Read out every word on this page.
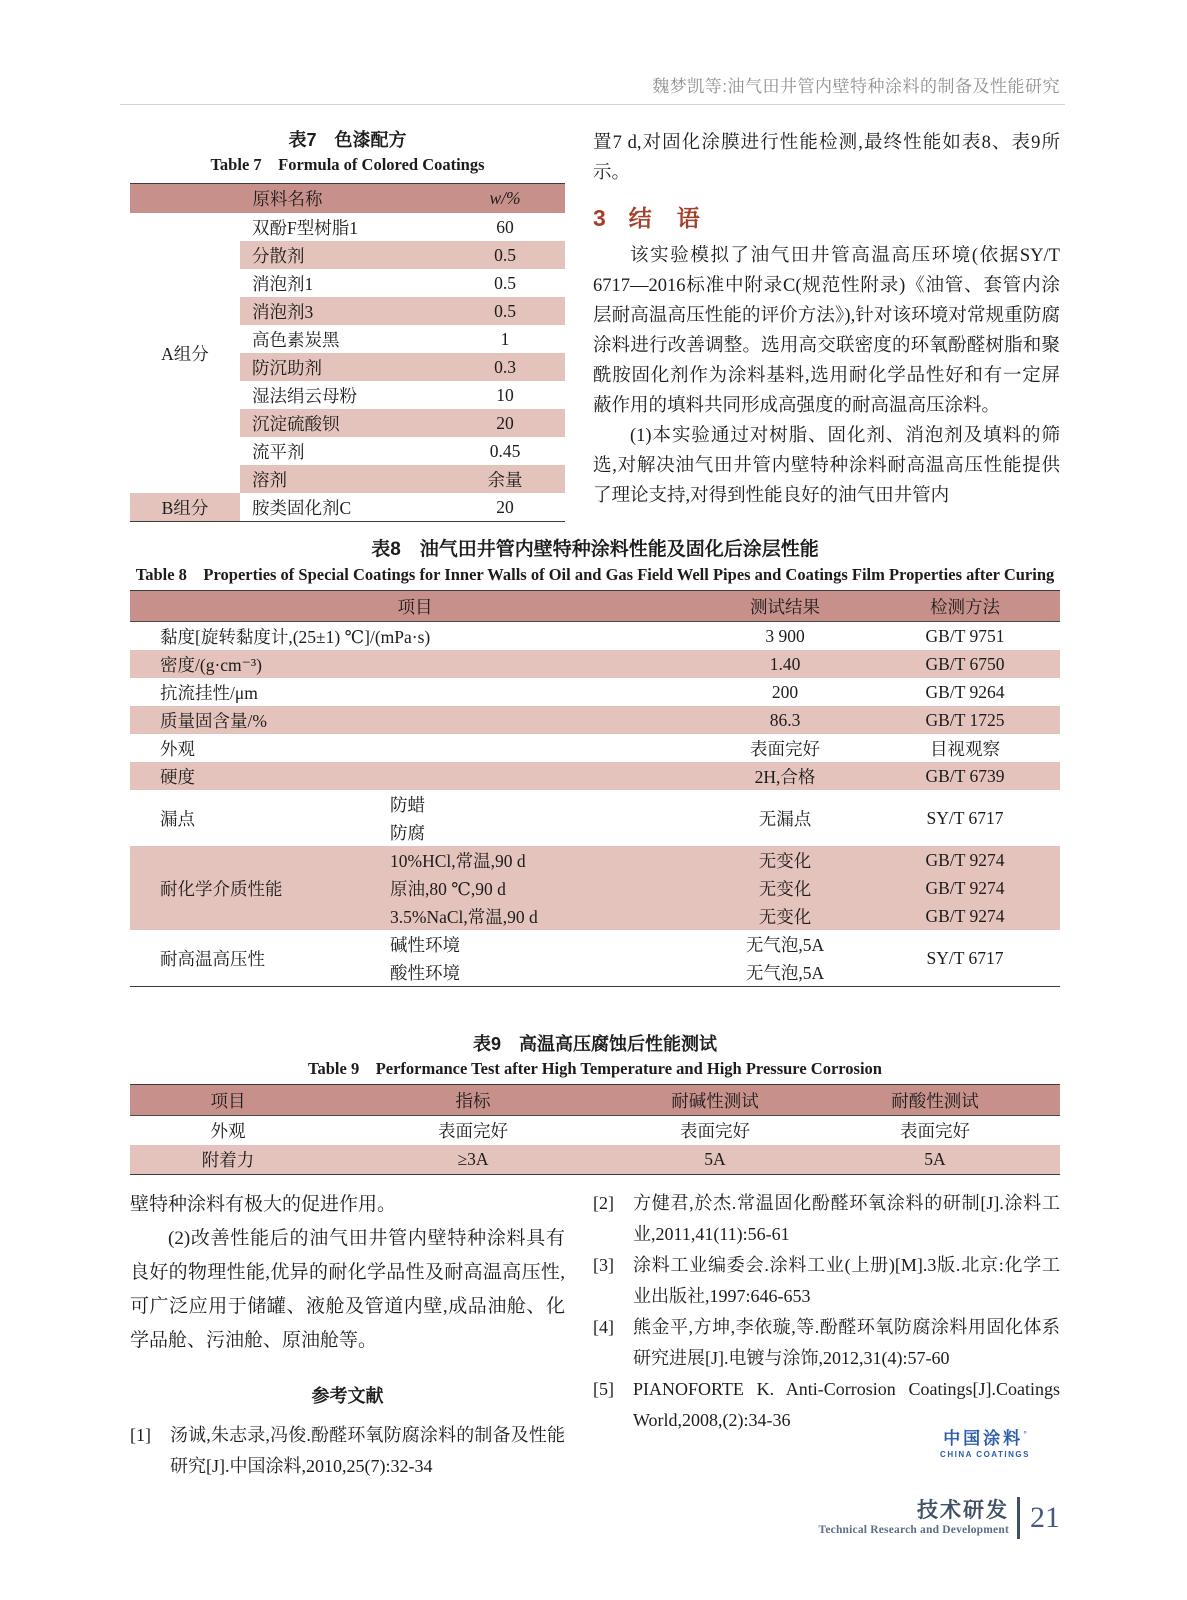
魏梦凯等:油气田井管内壁特种涂料的制备及性能研究
表7　色漆配方
Table 7　Formula of Colored Coatings
原料名称		w/%
A组分	双酚F型树脂1	60
	分散剂	0.5
	消泡剂1	0.5
	消泡剂3	0.5
	高色素炭黑	1
	防沉助剂	0.3
	湿法绢云母粉	10
	沉淀硫酸钡	20
	流平剂	0.45
	溶剂	余量
B组分	胺类固化剂C	20

置7 d,对固化涂膜进行性能检测,最终性能如表8、表9所示。

3 结　语

该实验模拟了油气田井管高温高压环境(依据SY/T 6717—2016标准中附录C(规范性附录)《油管、套管内涂层耐高温高压性能的评价方法》),针对该环境对常规重防腐涂料进行改善调整。选用高交联密度的环氧酚醛树脂和聚酰胺固化剂作为涂料基料,选用耐化学品性好和有一定屏蔽作用的填料共同形成高强度的耐高温高压涂料。

(1)本实验通过对树脂、固化剂、消泡剂及填料的筛选,对解决油气田井管内壁特种涂料耐高温高压性能提供了理论支持,对得到性能良好的油气田井管内

表8　油气田井管内壁特种涂料性能及固化后涂层性能
Table 8　Properties of Special Coatings for Inner Walls of Oil and Gas Field Well Pipes and Coatings Film Properties after Curing
项目		测试结果	检测方法
黏度[旋转黏度计,(25±1) ℃]/(mPa·s)		3 900	GB/T 9751
密度/(g·cm⁻³)		1.40	GB/T 6750
抗流挂性/μm		200	GB/T 9264
质量固含量/%		86.3	GB/T 1725
外观		表面完好	目视观察
硬度		2H,合格	GB/T 6739
漏点	防蜡	无漏点	SY/T 6717
	防腐		
耐化学介质性能	10%HCl,常温,90 d	无变化	GB/T 9274
	原油,80 ℃,90 d	无变化	GB/T 9274
	3.5%NaCl,常温,90 d	无变化	GB/T 9274
耐高温高压性	碱性环境	无气泡,5A	SY/T 6717
	酸性环境	无气泡,5A	
表9　高温高压腐蚀后性能测试
Table 9　Performance Test after High Temperature and High Pressure Corrosion
项目	指标	耐碱性测试	耐酸性测试
外观	表面完好	表面完好	表面完好
附着力	≥3A	5A	5A

壁特种涂料有极大的促进作用。

(2)改善性能后的油气田井管内壁特种涂料具有良好的物理性能,优异的耐化学品性及耐高温高压性,可广泛应用于储罐、液舱及管道内壁,成品油舱、化学品舱、污油舱、原油舱等。

参考文献
[1]	汤诚,朱志录,冯俊.酚醛环氧防腐涂料的制备及性能研究[J].中国涂料,2010,25(7):32-34
[2]	方健君,於杰.常温固化酚醛环氧涂料的研制[J].涂料工业,2011,41(11):56-61
[3]	涂料工业编委会.涂料工业(上册)[M].3版.北京:化学工业出版社,1997:646-653
[4]	熊金平,方坤,李依璇,等.酚醛环氧防腐涂料用固化体系研究进展[J].电镀与涂饰,2012,31(4):57-60
[5]	PIANOFORTE K. Anti-Corrosion Coatings[J].Coatings World,2008,(2):34-36
中国涂料°
CHINA COATINGS
技术研发
Technical Research and Development 21
